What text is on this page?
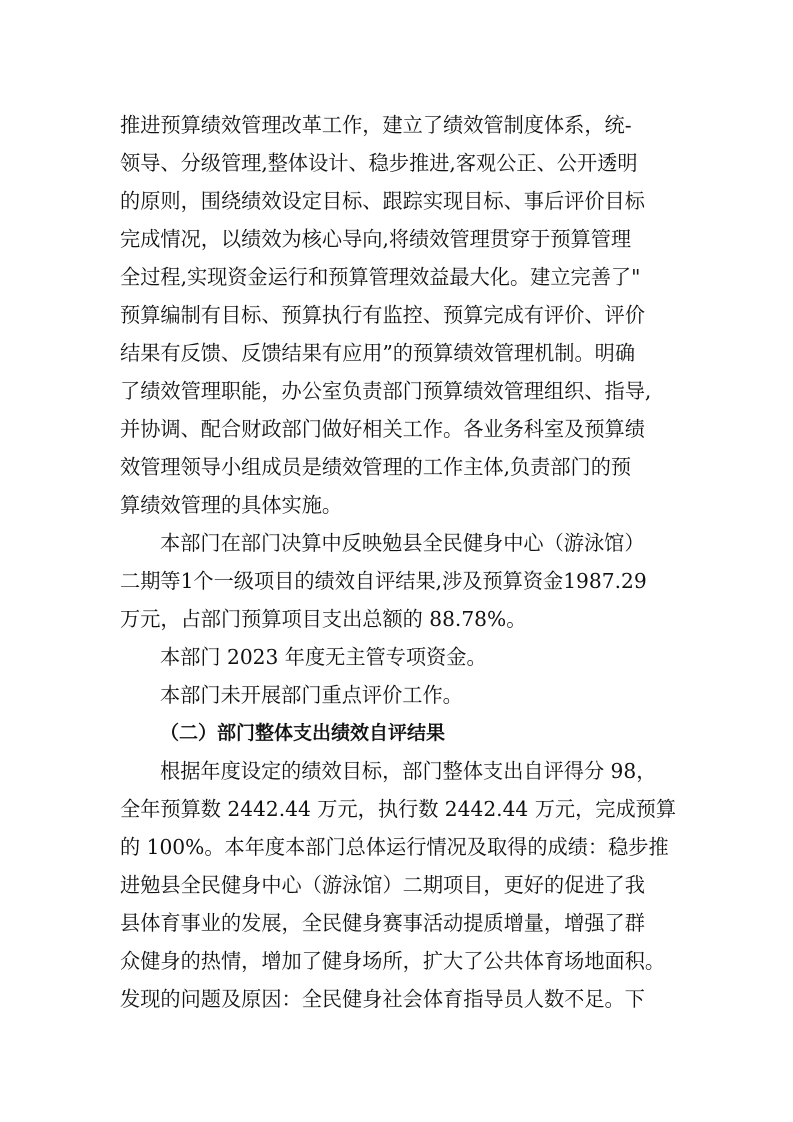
推进预算绩效管理改革工作，建立了绩效管制度体系，统-
领导、分级管理,整体设计、稳步推进,客观公正、公开透明
的原则，围绕绩效设定目标、跟踪实现目标、事后评价目标
完成情况，以绩效为核心导向,将绩效管理贯穿于预算管理
全过程,实现资金运行和预算管理效益最大化。建立完善了"
预算编制有目标、预算执行有监控、预算完成有评价、评价
结果有反馈、反馈结果有应用”的预算绩效管理机制。明确
了绩效管理职能，办公室负责部门预算绩效管理组织、指导,
并协调、配合财政部门做好相关工作。各业务科室及预算绩
效管理领导小组成员是绩效管理的工作主体,负责部门的预
算绩效管理的具体实施。
本部门在部门决算中反映勉县全民健身中心（游泳馆）
二期等1个一级项目的绩效自评结果,涉及预算资金1987.29
万元，占部门预算项目支出总额的 88.78%。
本部门 2023 年度无主管专项资金。
本部门未开展部门重点评价工作。
（二）部门整体支出绩效自评结果
根据年度设定的绩效目标，部门整体支出自评得分 98，
全年预算数 2442.44 万元，执行数 2442.44 万元，完成预算
的 100%。本年度本部门总体运行情况及取得的成绩：稳步推
进勉县全民健身中心（游泳馆）二期项目，更好的促进了我
县体育事业的发展，全民健身赛事活动提质增量，增强了群
众健身的热情，增加了健身场所，扩大了公共体育场地面积。
发现的问题及原因：全民健身社会体育指导员人数不足。下
